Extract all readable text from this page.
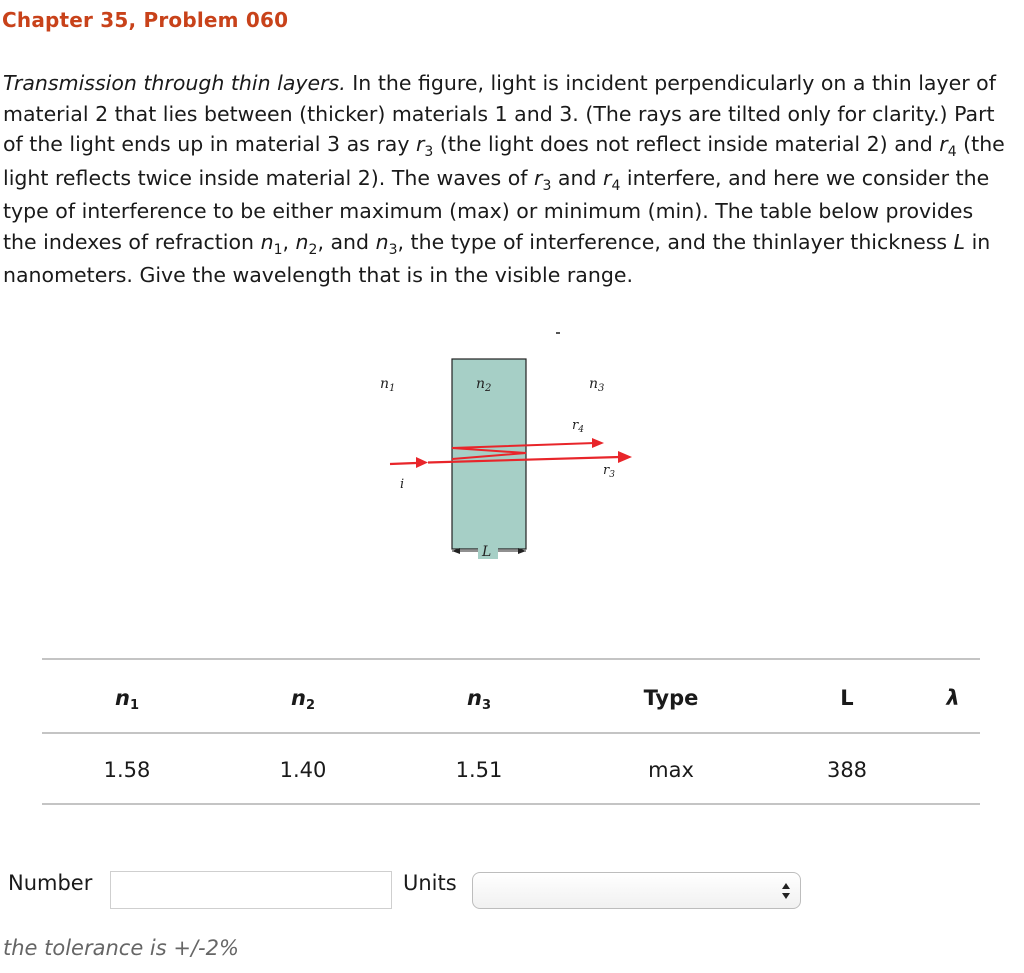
Chapter 35, Problem 060
Transmission through thin layers. In the figure, light is incident perpendicularly on a thin layer of material 2 that lies between (thicker) materials 1 and 3. (The rays are tilted only for clarity.) Part of the light ends up in material 3 as ray $r_3$ (the light does not reflect inside material 2) and $r_4$ (the light reflects twice inside material 2). The waves of $r_3$ and $r_4$ interfere, and here we consider the type of interference to be either maximum (max) or minimum (min). The table below provides the indexes of refraction $n_1$, $n_2$, and $n_3$, the type of interference, and the thinlayer thickness L in nanometers. Give the wavelength that is in the visible range.
$n_1$	$n_2$	$n_3$
$r_4$
$r_3$
i
L
n1	n2	n3	Type	L	λ
1.58	1.40	1.51	max	388
Number	Units
the tolerance is +/-2%
